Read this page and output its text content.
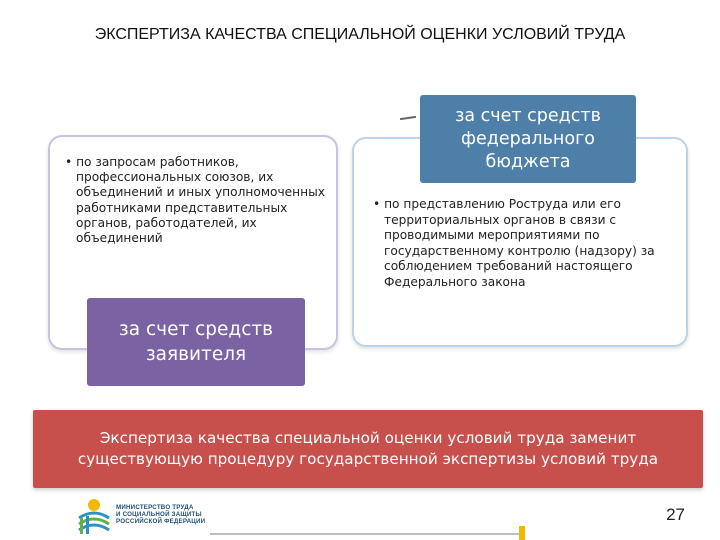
ЭКСПЕРТИЗА КАЧЕСТВА СПЕЦИАЛЬНОЙ ОЦЕНКИ УСЛОВИЙ ТРУДА
• по запросам работников, профессиональных союзов, их объединений и иных уполномоченных работниками представительных органов, работодателей, их объединений
• по представлению Роструда или его территориальных органов в связи с проводимыми мероприятиями по государственному контролю (надзору) за соблюдением требований настоящего Федерального закона
за счет средств федерального бюджета
за счет средств заявителя
Экспертиза качества специальной оценки условий труда заменит существующую процедуру государственной экспертизы условий труда
МИНИСТЕРСТВО ТРУДА
И СОЦИАЛЬНОЙ ЗАЩИТЫ
РОССИЙСКОЙ ФЕДЕРАЦИИ	27
